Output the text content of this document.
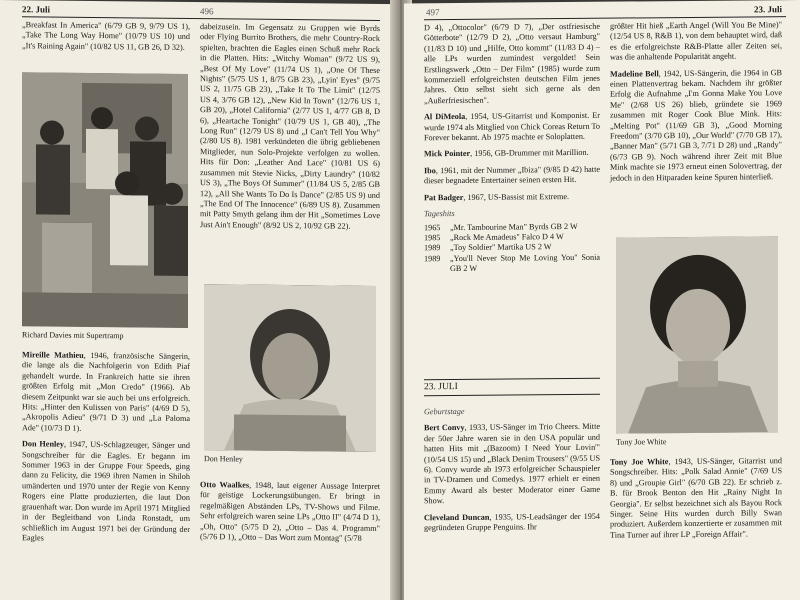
22. Juli	496

„Breakfast In America" (6/79 GB 9, 9/79 US 1), „Take The Long Way Home" (10/79 US 10) und „It's Raining Again" (10/82 US 11, GB 26, D 32).

Richard Davies mit Supertramp

Mireille Mathieu, 1946, französische Sängerin, die lange als die Nachfolgerin von Edith Piaf gehandelt wurde. In Frankreich hatte sie ihren größten Erfolg mit „Mon Credo" (1966). Ab diesem Zeitpunkt war sie auch bei uns erfolgreich. Hits: „Hinter den Kulissen von Paris" (4/69 D 5), „Akropolis Adieu" (9/71 D 3) und „La Paloma Ade" (10/73 D 1).

Don Henley, 1947, US-Schlagzeuger, Sänger und Songschreiber für die Eagles. Er begann im Sommer 1963 in der Gruppe Four Speeds, ging dann zu Felicity, die 1969 ihren Namen in Shiloh umänderten und 1970 unter der Regie von Kenny Rogers eine Platte produzierten, die laut Don grauenhaft war. Don wurde im April 1971 Mitglied in der Begleitband von Linda Ronstadt, um schließlich im August 1971 bei der Gründung der Eagles

dabeizusein. Im Gegensatz zu Gruppen wie Byrds oder Flying Burrito Brothers, die mehr Country-Rock spielten, brachten die Eagles einen Schuß mehr Rock in die Platten. Hits: „Witchy Woman" (9/72 US 9), „Best Of My Love" (11/74 US 1), „One Of These Nights" (5/75 US 1, 8/75 GB 23), „Lyin' Eyes" (9/75 US 2, 11/75 GB 23), „Take It To The Limit" (12/75 US 4, 3/76 GB 12), „New Kid In Town" (12/76 US 1, GB 20), „Hotel California" (2/77 US 1, 4/77 GB 8, D 6), „Heartache Tonight" (10/79 US 1, GB 40), „The Long Run" (12/79 US 8) und „I Can't Tell You Why" (2/80 US 8). 1981 verkündeten die übrig gebliebenen Mitglieder, nun Solo-Projekte verfolgen zu wollen. Hits für Don: „Leather And Lace" (10/81 US 6) zusammen mit Stevie Nicks, „Dirty Laundry" (10/82 US 3), „The Boys Of Summer" (11/84 US 5, 2/85 GB 12), „All She Wants To Do Is Dance" (2/85 US 9) und „The End Of The Innocence" (6/89 US 8). Zusammen mit Patty Smyth gelang ihm der Hit „Sometimes Love Just Ain't Enough" (8/92 US 2, 10/92 GB 22).

Don Henley

Otto Waalkes, 1948, laut eigener Aussage Interpret für geistige Lockerungsübungen. Er bringt in regelmäßigen Abständen LPs, TV-Shows und Filme. Sehr erfolgreich waren seine LPs „Otto II" (4/74 D 1), „Oh, Otto" (5/75 D 2), „Otto – Das 4. Programm" (5/76 D 1), „Otto – Das Wort zum Montag" (5/78

497	23. Juli

D 4), „Ottocolor" (6/79 D 7), „Der ostfriesische Götterbote" (12/79 D 2), „Otto versaut Hamburg" (11/83 D 10) und „Hilfe, Otto kommt" (11/83 D 4) – alle LPs wurden zumindest vergoldet! Sein Erstlingswerk „Otto – Der Film" (1985) wurde zum kommerziell erfolgreichsten deutschen Film jenes Jahres. Otto selbst sieht sich gerne als den „Außerfriesischen".

Al DiMeola, 1954, US-Gitarrist und Komponist. Er wurde 1974 als Mitglied von Chick Coreas Return To Forever bekannt. Ab 1975 machte er Soloplatten.

Mick Pointer, 1956, GB-Drummer mit Marillion.

Ibo, 1961, mit der Nummer „Ibiza" (9/85 D 42) hatte dieser begnadete Entertainer seinen ersten Hit.

Pat Badger, 1967, US-Bassist mit Extreme.

Tageshits

1965	„Mr. Tambourine Man" Byrds GB 2 W
1985	„Rock Me Amadeus" Falco D 4 W
1989	„Toy Soldier" Martika US 2 W
1989	„You'll Never Stop Me Loving You" Sonia GB 2 W
23. JULI

Geburtstage

Bert Convy, 1933, US-Sänger im Trio Cheers. Mitte der 50er Jahre waren sie in den USA populär und hatten Hits mit „(Bazoom) I Need Your Lovin'" (10/54 US 15) und „Black Denim Trousers" (9/55 US 6). Convy wurde ab 1973 erfolgreicher Schauspieler in TV-Dramen und Comedys. 1977 erhielt er einen Emmy Award als bester Moderator einer Game Show.

Cleveland Duncan, 1935, US-Leadsänger der 1954 gegründeten Gruppe Penguins. Ihr

größter Hit hieß „Earth Angel (Will You Be Mine)" (12/54 US 8, R&B 1), von dem behauptet wird, daß es die erfolgreichste R&B-Platte aller Zeiten sei, was die anhaltende Popularität angeht.

Madeline Bell, 1942, US-Sängerin, die 1964 in GB einen Plattenvertrag bekam. Nachdem ihr größter Erfolg die Aufnahme „I'm Gonna Make You Love Me" (2/68 US 26) blieb, gründete sie 1969 zusammen mit Roger Cook Blue Mink. Hits: „Melting Pot" (11/69 GB 3), „Good Morning Freedom" (3/70 GB 10), „Our World" (7/70 GB 17), „Banner Man" (5/71 GB 3, 7/71 D 28) und „Randy" (6/73 GB 9). Noch während ihrer Zeit mit Blue Mink machte sie 1973 erneut einen Solovertrag, der jedoch in den Hitparaden keine Spuren hinterließ.

Tony Joe White

Tony Joe White, 1943, US-Sänger, Gitarrist und Songschreiber. Hits: „Polk Salad Annie" (7/69 US 8) und „Groupie Girl" (6/70 GB 22). Er schrieb z. B. für Brook Benton den Hit „Rainy Night In Georgia". Er selbst bezeichnet sich als Bayou Rock Singer. Seine Hits wurden durch Billy Swan produziert. Außerdem konzertierte er zusammen mit Tina Turner auf ihrer LP „Foreign Affair".
